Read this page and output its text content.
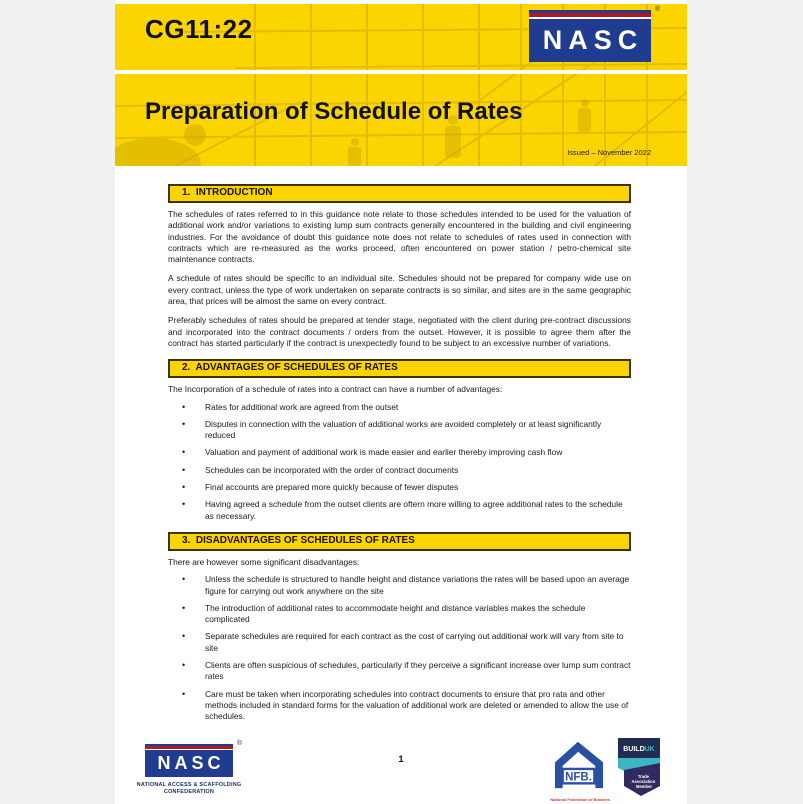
CG11:22	NASC
®
Preparation of Schedule of Rates
Issued – November 2022
1.  INTRODUCTION

The schedules of rates referred to in this guidance note relate to those schedules intended to be used for the valuation of additional work and/or variations to existing lump sum contracts generally encountered in the building and civil engineering industries. For the avoidance of doubt this guidance note does not relate to schedules of rates used in connection with contracts which are re-measured as the works proceed, often encountered on power station / petro-chemical site maintenance contracts.

A schedule of rates should be specific to an individual site. Schedules should not be prepared for company wide use on every contract, unless the type of work undertaken on separate contracts is so similar, and sites are in the same geographic area, that prices will be almost the same on every contract.

Preferably schedules of rates should be prepared at tender stage, negotiated with the client during pre-contract discussions and incorporated into the contract documents / orders from the outset. However, it is possible to agree them after the contract has started particularly if the contract is unexpectedly found to be subject to an excessive number of variations.

2.  ADVANTAGES OF SCHEDULES OF RATES

The Incorporation of a schedule of rates into a contract can have a number of advantages:

• Rates for additional work are agreed from the outset
• Disputes in connection with the valuation of additional works are avoided completely or at least significantly reduced
• Valuation and payment of additional work is made easier and earlier thereby improving cash flow
• Schedules can be incorporated with the order of contract documents
• Final accounts are prepared more quickly because of fewer disputes
• Having agreed a schedule from the outset clients are oftern more willing to agree additional rates to the schedule as necessary.
3.  DISADVANTAGES OF SCHEDULES OF RATES

There are however some significant disadvantages:

• Unless the schedule is structured to handle height and distance variations the rates will be based upon an average figure for carrying out work anywhere on the site
• The introduction of additional rates to accommodate height and distance variables makes the schedule complicated
• Separate schedules are required for each contract as the cost of carrying out additional work will vary from site to site
• Clients are often suspicious of schedules, particularly if they perceive a significant increase over lump sum contract rates
• Care must be taken when incorporating schedules into contract documents to ensure that pro rata and other methods included in standard forms for the valuation of additional work are deleted or amended to allow the use of schedules.
NASC
®
NATIONAL ACCESS & SCAFFOLDING CONFEDERATION
1
NFB.
National Federation of Builders
BUILDUK
Trade Association Member
